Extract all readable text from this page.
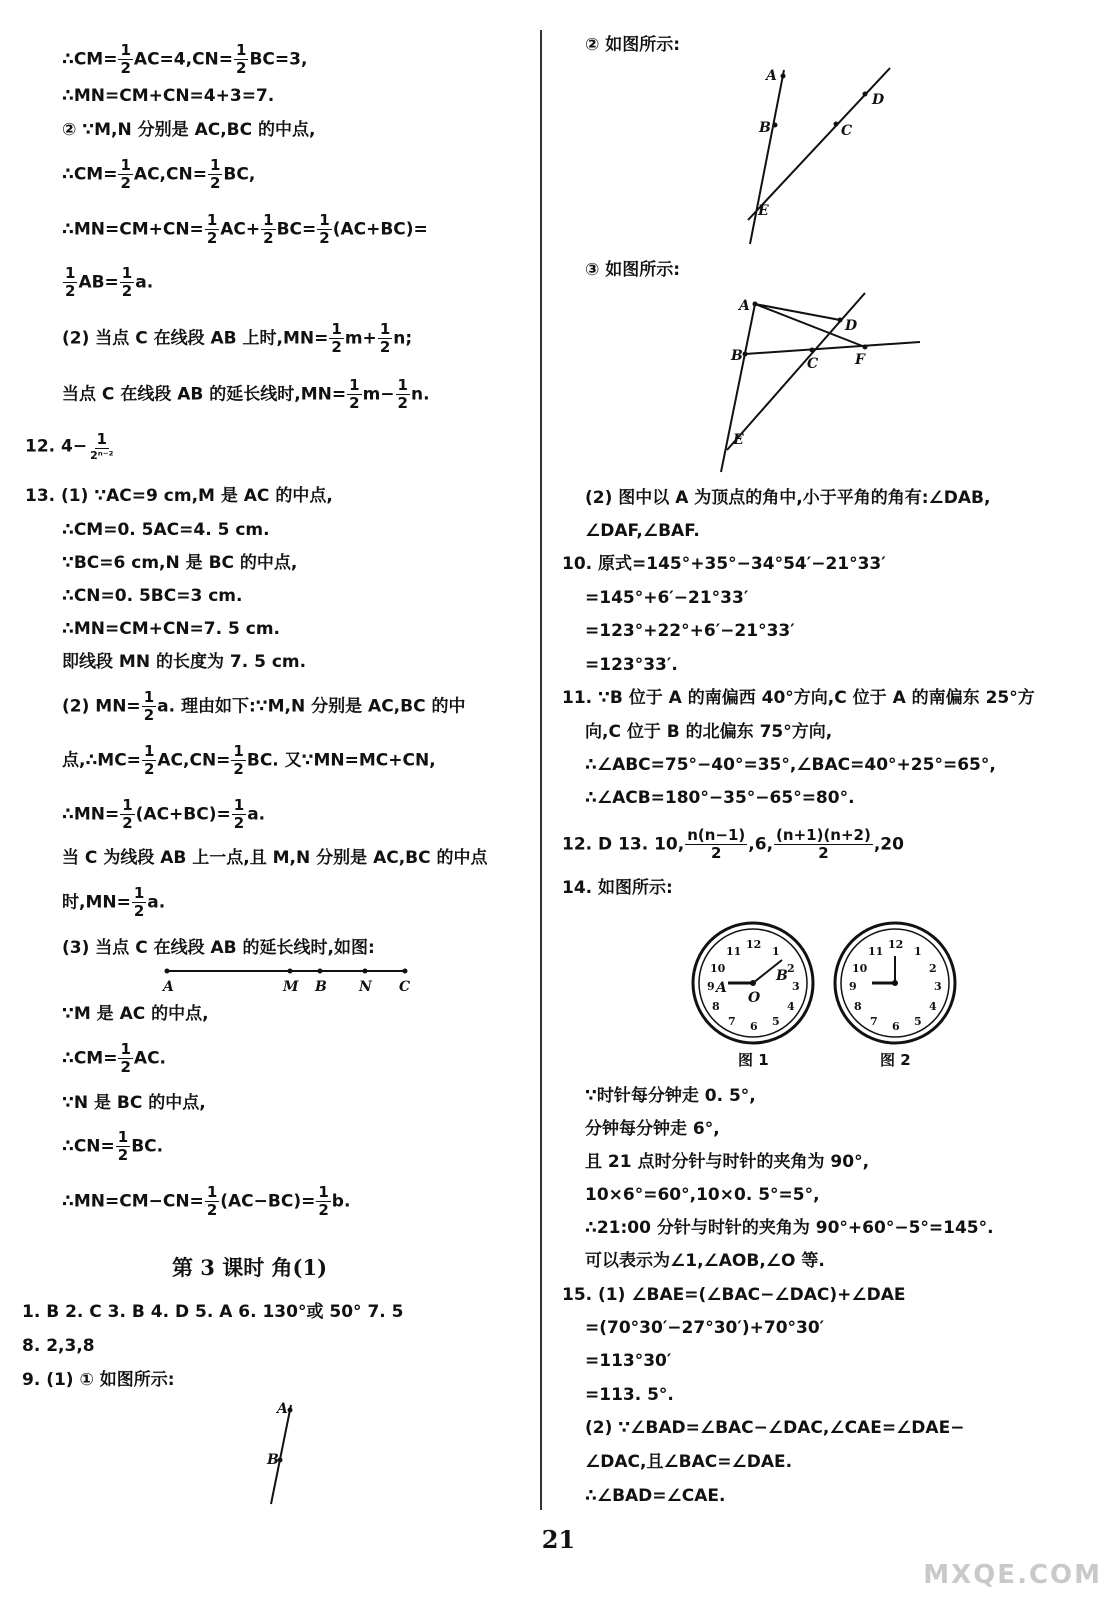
∴CM= $\frac{1}{2} AC=4,CN= \frac{1}{2} BC=3$,
∴MN=CM+CN=4+3=7.
② ∵M,N 分别是 AC,BC 的中点,
∴CM= $\frac{1}{2} AC,CN= \frac{1}{2}$ BC,
∴MN=CM+CN= $\frac{1}{2} AC+ \frac{1}{2} BC= \frac{1}{2} (AC+BC)=$
$\frac{1}{2} AB= \frac{1}{2} a$.
(2) 当点 C 在线段 AB 上时$,MN= \frac{1}{2} m+ \frac{1}{2} n$;
当点 C 在线段 AB 的延长线时$,MN= \frac{1}{2} m- \frac{1}{2} n$.
12. $4- \frac{1}{\text{2ⁿ⁻²}}$
13. (1) ∵AC=9 cm,M 是 AC 的中点,
∴CM=0. 5AC=4. 5 cm.
∵BC=6 cm,N 是 BC 的中点,
∴CN=0. 5BC=3 cm.
∴MN=CM+CN=7. 5 cm.
即线段 MN 的长度为 7. 5 cm.
(2) $MN= \frac{1}{2} a$. 理由如下:∵M,N 分别是 AC,BC 的中
点,∴MC= $\frac{1}{2} AC,CN= \frac{1}{2}$ BC. 又∵MN=MC+CN,
∴MN= $\frac{1}{2} (AC+BC)= \frac{1}{2} a$.
当 C 为线段 AB 上一点,且 M,N 分别是 AC,BC 的中点
时$,MN= \frac{1}{2} a$.
(3) 当点 C 在线段 AB 的延长线时,如图:
A	M B N C
∵M 是 AC 的中点,
∴CM= $\frac{1}{2}$ AC.
∵N 是 BC 的中点,
∴CN= $\frac{1}{2}$ BC.
∴MN=CM−CN= $\frac{1}{2} (AC-BC)= \frac{1}{2} b$.
第 3 课时 角(1)
1. B 2. C 3. B 4. D 5. A 6. 130°或 50° 7. 5
8. 2,3,8
9. (1) ① 如图所示:
A
B
② 如图所示:
A
B	C
D
E
③ 如图所示:
A
B	C
D
E
F
(2) 图中以 A 为顶点的角中,小于平角的角有:∠DAB,
∠DAF,∠BAF.
10. 原式=145°+35°−34°54′−21°33′
=145°+6′−21°33′
=123°+22°+6′−21°33′
=123°33′.
11. ∵B 位于 A 的南偏西 40°方向,C 位于 A 的南偏东 25°方
向,C 位于 B 的北偏东 75°方向,
∴∠ABC=75°−40°=35°,∠BAC=40°+25°=65°,
∴∠ACB=180°−35°−65°=80°.
12. D 13. 10, $\frac{n(n-1)}{2} ,6$, $\frac{(n+1)(n+2)}{2} ,20$
14. 如图所示:
12
1
2
3
4
5
6
7
8
9
10
11
A
B
O
图 1
12
1
2
3
4
5
6
7
8
9
10
11
图 2
∵时针每分钟走 0. 5°,
分钟每分钟走 6°,
且 21 点时分针与时针的夹角为 90°,
10×6°=60°,10×0. 5°=5°,
∴21:00 分针与时针的夹角为 90°+60°−5°=145°.
可以表示为∠1,∠AOB,∠O 等.
15. (1) ∠BAE=(∠BAC−∠DAC)+∠DAE
=(70°30′−27°30′)+70°30′
=113°30′
=113. 5°.
(2) ∵∠BAD=∠BAC−∠DAC,∠CAE=∠DAE−
∠DAC,且∠BAC=∠DAE.
∴∠BAD=∠CAE.
21
MXQE.COM
